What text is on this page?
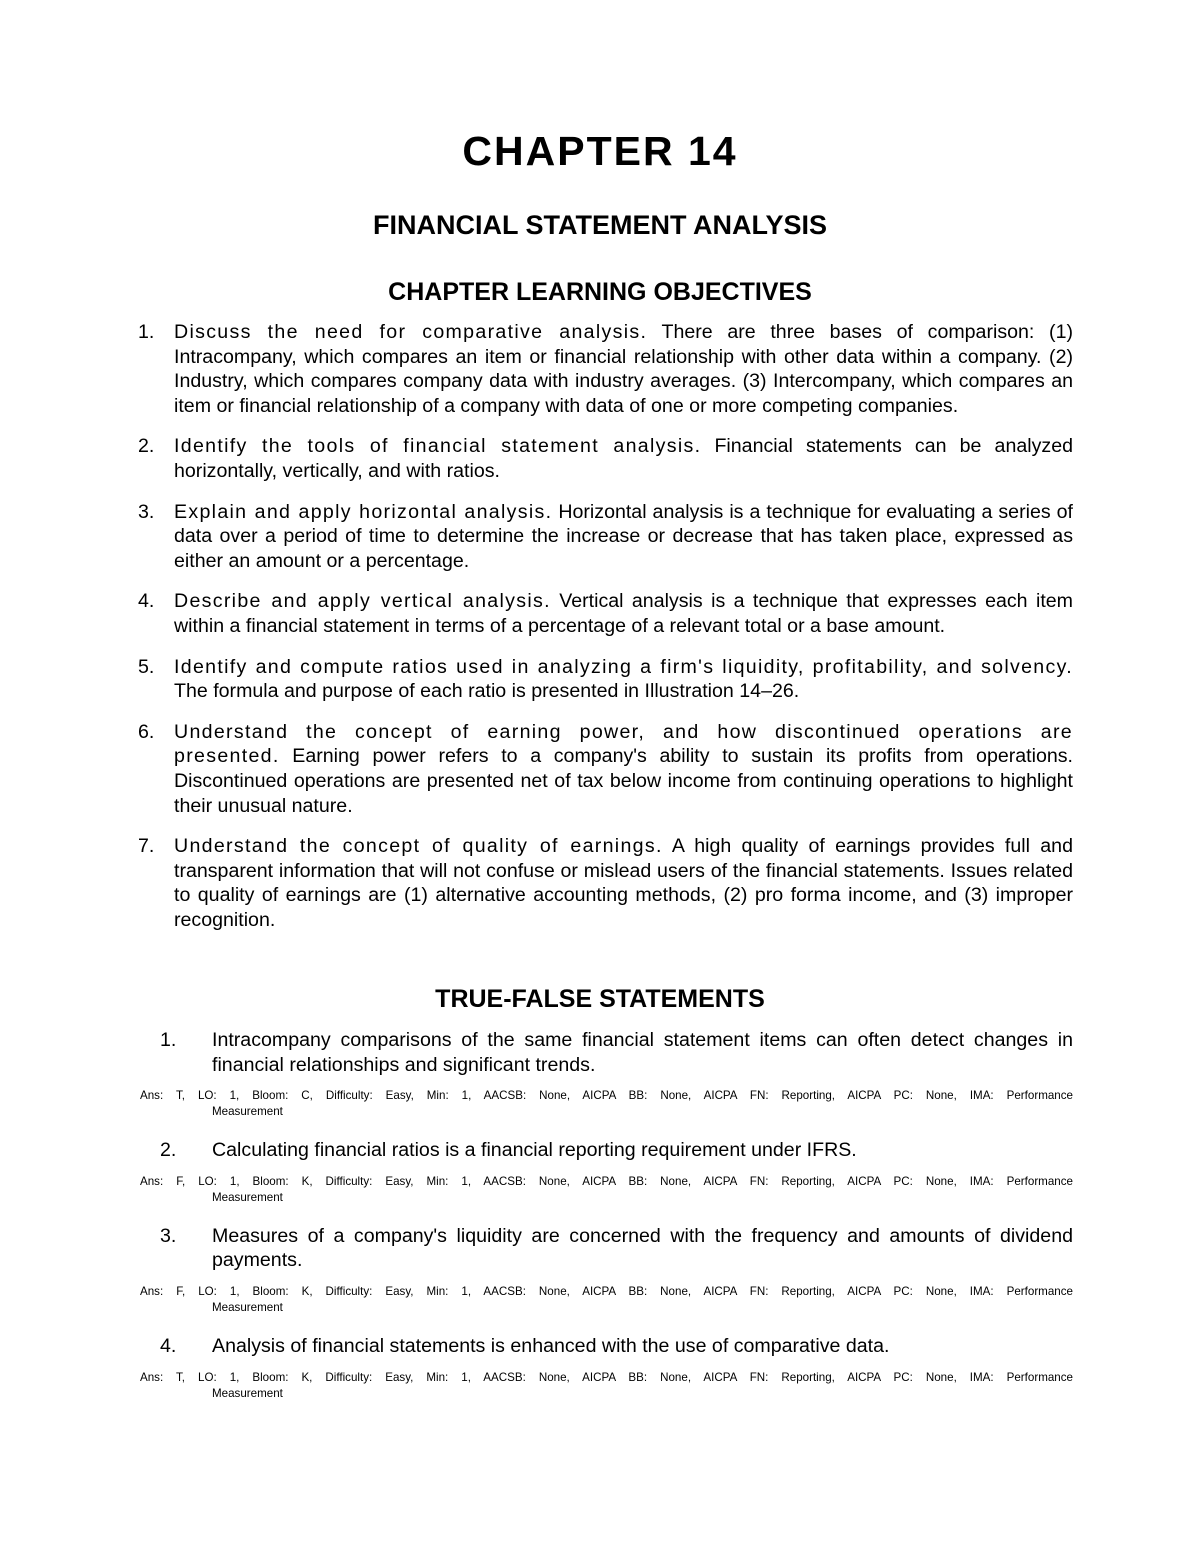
CHAPTER 14
FINANCIAL STATEMENT ANALYSIS
CHAPTER LEARNING OBJECTIVES
1. Discuss the need for comparative analysis. There are three bases of comparison: (1) Intracompany, which compares an item or financial relationship with other data within a company. (2) Industry, which compares company data with industry averages. (3) Intercompany, which compares an item or financial relationship of a company with data of one or more competing companies.
2. Identify the tools of financial statement analysis. Financial statements can be analyzed horizontally, vertically, and with ratios.
3. Explain and apply horizontal analysis. Horizontal analysis is a technique for evaluating a series of data over a period of time to determine the increase or decrease that has taken place, expressed as either an amount or a percentage.
4. Describe and apply vertical analysis. Vertical analysis is a technique that expresses each item within a financial statement in terms of a percentage of a relevant total or a base amount.
5. Identify and compute ratios used in analyzing a firm's liquidity, profitability, and solvency. The formula and purpose of each ratio is presented in Illustration 14–26.
6. Understand the concept of earning power, and how discontinued operations are presented. Earning power refers to a company's ability to sustain its profits from operations. Discontinued operations are presented net of tax below income from continuing operations to highlight their unusual nature.
7. Understand the concept of quality of earnings. A high quality of earnings provides full and transparent information that will not confuse or mislead users of the financial statements. Issues related to quality of earnings are (1) alternative accounting methods, (2) pro forma income, and (3) improper recognition.
TRUE-FALSE STATEMENTS
1. Intracompany comparisons of the same financial statement items can often detect changes in financial relationships and significant trends.
Ans: T, LO: 1, Bloom: C, Difficulty: Easy, Min: 1, AACSB: None, AICPA BB: None, AICPA FN: Reporting, AICPA PC: None, IMA: Performance
Measurement
2. Calculating financial ratios is a financial reporting requirement under IFRS.
Ans: F, LO: 1, Bloom: K, Difficulty: Easy, Min: 1, AACSB: None, AICPA BB: None, AICPA FN: Reporting, AICPA PC: None, IMA: Performance
Measurement
3. Measures of a company's liquidity are concerned with the frequency and amounts of dividend payments.
Ans: F, LO: 1, Bloom: K, Difficulty: Easy, Min: 1, AACSB: None, AICPA BB: None, AICPA FN: Reporting, AICPA PC: None, IMA: Performance
Measurement
4. Analysis of financial statements is enhanced with the use of comparative data.
Ans: T, LO: 1, Bloom: K, Difficulty: Easy, Min: 1, AACSB: None, AICPA BB: None, AICPA FN: Reporting, AICPA PC: None, IMA: Performance
Measurement
